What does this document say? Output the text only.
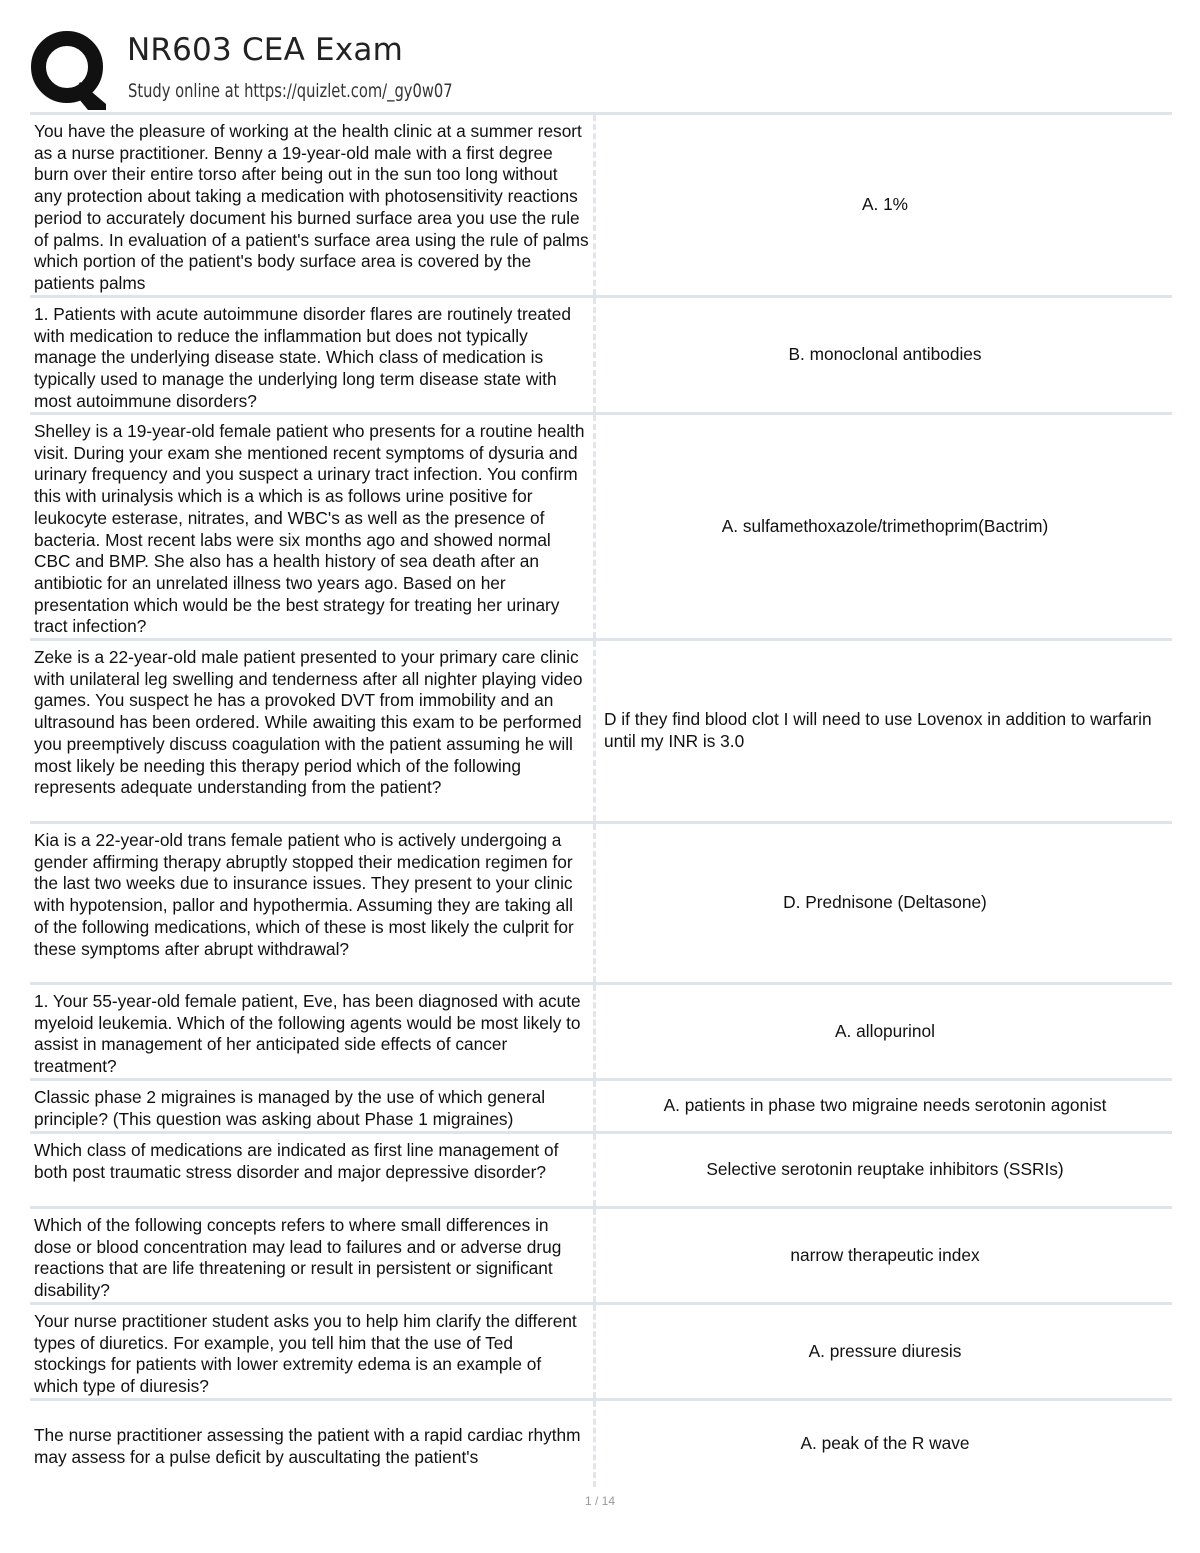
NR603 CEA Exam
Study online at https://quizlet.com/_gy0w07
You have the pleasure of working at the health clinic at a summer resort as a nurse practitioner. Benny a 19-year-old male with a first degree burn over their entire torso after being out in the sun too long without any protection about taking a medication with photosensitivity reactions period to accurately document his burned surface area you use the rule of palms. In evaluation of a patient's surface area using the rule of palms which portion of the patient's body surface area is covered by the patients palms
A. 1%
1. Patients with acute autoimmune disorder flares are routinely treated with medication to reduce the inflammation but does not typically manage the underlying disease state. Which class of medication is typically used to manage the underlying long term disease state with most autoimmune disorders?
B. monoclonal antibodies
Shelley is a 19-year-old female patient who presents for a routine health visit. During your exam she mentioned recent symptoms of dysuria and urinary frequency and you suspect a urinary tract infection. You confirm this with urinalysis which is a which is as follows urine positive for leukocyte esterase, nitrates, and WBC's as well as the presence of bacteria. Most recent labs were six months ago and showed normal CBC and BMP. She also has a health history of sea death after an antibiotic for an unrelated illness two years ago. Based on her presentation which would be the best strategy for treating her urinary tract infection?
A. sulfamethoxazole/trimethoprim(Bactrim)
Zeke is a 22-year-old male patient presented to your primary care clinic with unilateral leg swelling and tenderness after all nighter playing video games. You suspect he has a provoked DVT from immobility and an ultrasound has been ordered. While awaiting this exam to be performed you preemptively discuss coagulation with the patient assuming he will most likely be needing this therapy period which of the following represents adequate understanding from the patient?
D if they find blood clot I will need to use Lovenox in addition to warfarin until my INR is 3.0
Kia is a 22-year-old trans female patient who is actively undergoing a gender affirming therapy abruptly stopped their medication regimen for the last two weeks due to insurance issues. They present to your clinic with hypotension, pallor and hypothermia. Assuming they are taking all of the following medications, which of these is most likely the culprit for these symptoms after abrupt withdrawal?
D. Prednisone (Deltasone)
1. Your 55-year-old female patient, Eve, has been diagnosed with acute myeloid leukemia. Which of the following agents would be most likely to assist in management of her anticipated side effects of cancer treatment?
A. allopurinol
Classic phase 2 migraines is managed by the use of which general principle? (This question was asking about Phase 1 migraines)
A. patients in phase two migraine needs serotonin agonist
Which class of medications are indicated as first line management of both post traumatic stress disorder and major depressive disorder?	Selective serotonin reuptake inhibitors (SSRIs)
Which of the following concepts refers to where small differences in dose or blood concentration may lead to failures and or adverse drug reactions that are life threatening or result in persistent or significant disability?
narrow therapeutic index
Your nurse practitioner student asks you to help him clarify the different types of diuretics. For example, you tell him that the use of Ted stockings for patients with lower extremity edema is an example of which type of diuresis?
A. pressure diuresis
The nurse practitioner assessing the patient with a rapid cardiac rhythm may assess for a pulse deficit by auscultating the patient's
A. peak of the R wave
1 / 14
